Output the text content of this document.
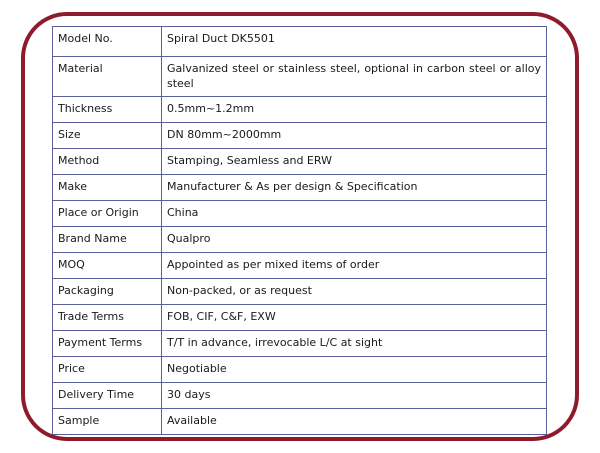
Model No.	Spiral Duct DK5501
Material	Galvanized steel or stainless steel, optional in carbon steel or alloy steel
Thickness	0.5mm~1.2mm
Size	DN 80mm~2000mm
Method	Stamping, Seamless and ERW
Make	Manufacturer & As per design & Specification
Place or Origin	China
Brand Name	Qualpro
MOQ	Appointed as per mixed items of order
Packaging	Non-packed, or as request
Trade Terms	FOB, CIF, C&F, EXW
Payment Terms	T/T in advance, irrevocable L/C at sight
Price	Negotiable
Delivery Time	30 days
Sample	Available
